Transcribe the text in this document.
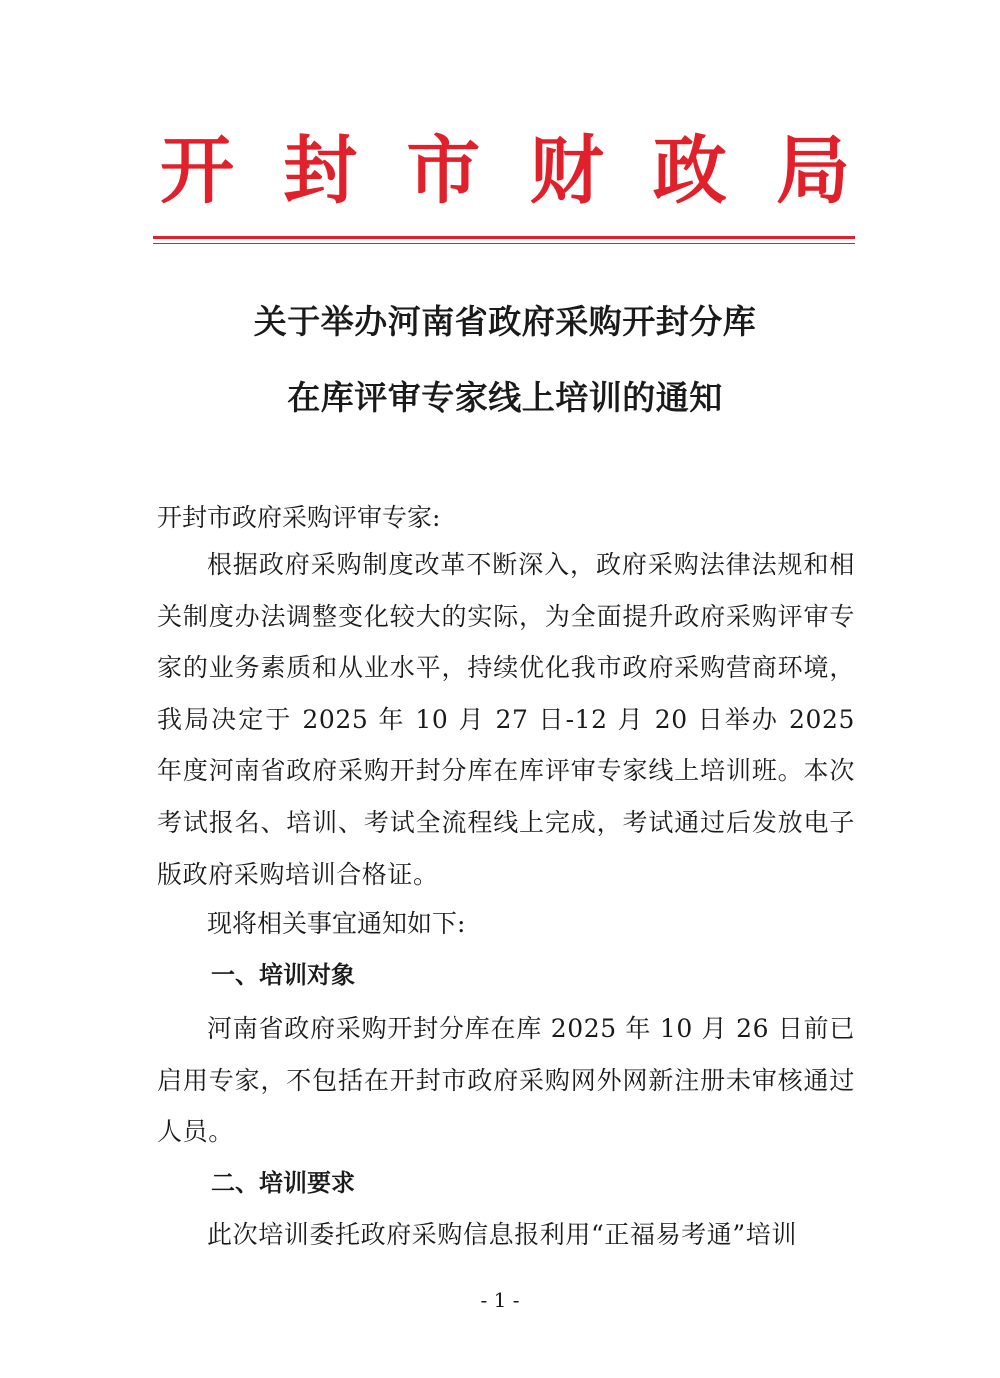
开 封 市 财 政 局
关于举办河南省政府采购开封分库
在库评审专家线上培训的通知
开封市政府采购评审专家:
根据政府采购制度改革不断深入，政府采购法律法规和相关制度办法调整变化较大的实际，为全面提升政府采购评审专家的业务素质和从业水平，持续优化我市政府采购营商环境，我局决定于 2025 年 10 月 27 日-12 月 20 日举办 2025 年度河南省政府采购开封分库在库评审专家线上培训班。本次考试报名、培训、考试全流程线上完成，考试通过后发放电子版政府采购培训合格证。
现将相关事宜通知如下:
一、培训对象
河南省政府采购开封分库在库 2025 年 10 月 26 日前已启用专家，不包括在开封市政府采购网外网新注册未审核通过人员。
二、培训要求
此次培训委托政府采购信息报利用“正福易考通”培训
- 1 -
